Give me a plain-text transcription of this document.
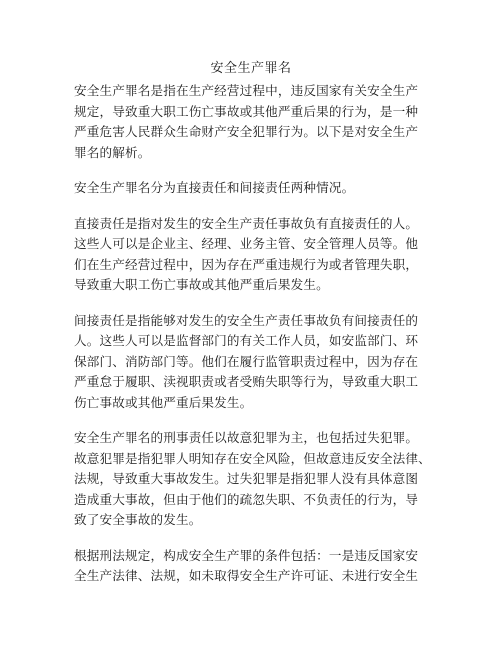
安全生产罪名

安全生产罪名是指在生产经营过程中，违反国家有关安全生产
规定，导致重大职工伤亡事故或其他严重后果的行为，是一种
严重危害人民群众生命财产安全犯罪行为。以下是对安全生产
罪名的解析。

安全生产罪名分为直接责任和间接责任两种情况。

直接责任是指对发生的安全生产责任事故负有直接责任的人。
这些人可以是企业主、经理、业务主管、安全管理人员等。他
们在生产经营过程中，因为存在严重违规行为或者管理失职，
导致重大职工伤亡事故或其他严重后果发生。

间接责任是指能够对发生的安全生产责任事故负有间接责任的
人。这些人可以是监督部门的有关工作人员，如安监部门、环
保部门、消防部门等。他们在履行监管职责过程中，因为存在
严重怠于履职、渎视职责或者受贿失职等行为，导致重大职工
伤亡事故或其他严重后果发生。

安全生产罪名的刑事责任以故意犯罪为主，也包括过失犯罪。
故意犯罪是指犯罪人明知存在安全风险，但故意违反安全法律、
法规，导致重大事故发生。过失犯罪是指犯罪人没有具体意图
造成重大事故，但由于他们的疏忽失职、不负责任的行为，导
致了安全事故的发生。

根据刑法规定，构成安全生产罪的条件包括：一是违反国家安
全生产法律、法规，如未取得安全生产许可证、未进行安全生
